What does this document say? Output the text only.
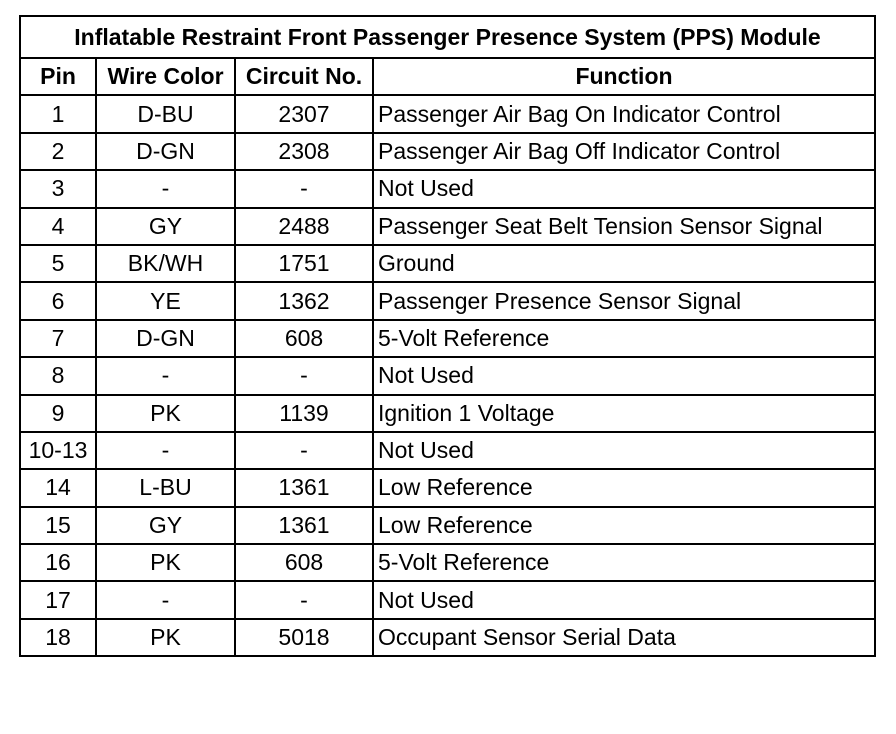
Inflatable Restraint Front Passenger Presence System (PPS) Module			
Pin	Wire Color	Circuit No.	Function
1	D-BU	2307	Passenger Air Bag On Indicator Control
2	D-GN	2308	Passenger Air Bag Off Indicator Control
3	-	-	Not Used
4	GY	2488	Passenger Seat Belt Tension Sensor Signal
5	BK/WH	1751	Ground
6	YE	1362	Passenger Presence Sensor Signal
7	D-GN	608	5-Volt Reference
8	-	-	Not Used
9	PK	1139	Ignition 1 Voltage
10-13	-	-	Not Used
14	L-BU	1361	Low Reference
15	GY	1361	Low Reference
16	PK	608	5-Volt Reference
17	-	-	Not Used
18	PK	5018	Occupant Sensor Serial Data
